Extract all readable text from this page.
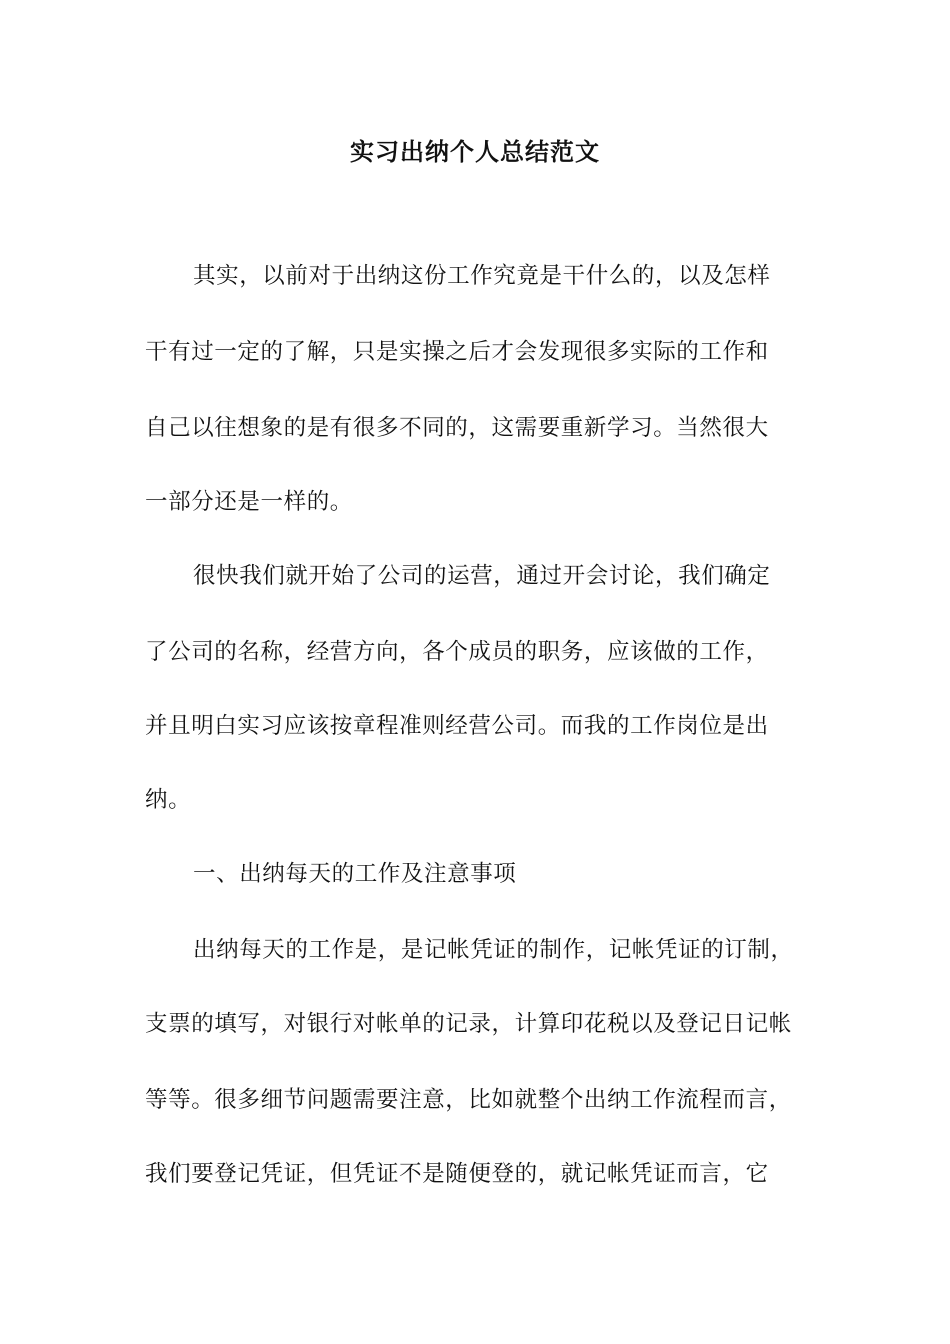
实习出纳个人总结范文
其实，以前对于出纳这份工作究竟是干什么的，以及怎样
干有过一定的了解，只是实操之后才会发现很多实际的工作和
自己以往想象的是有很多不同的，这需要重新学习。当然很大
一部分还是一样的。
很快我们就开始了公司的运营，通过开会讨论，我们确定
了公司的名称，经营方向，各个成员的职务，应该做的工作，
并且明白实习应该按章程准则经营公司。而我的工作岗位是出
纳。
一、出纳每天的工作及注意事项
出纳每天的工作是，是记帐凭证的制作，记帐凭证的订制，
支票的填写，对银行对帐单的记录，计算印花税以及登记日记帐
等等。很多细节问题需要注意，比如就整个出纳工作流程而言，
我们要登记凭证，但凭证不是随便登的，就记帐凭证而言，它
